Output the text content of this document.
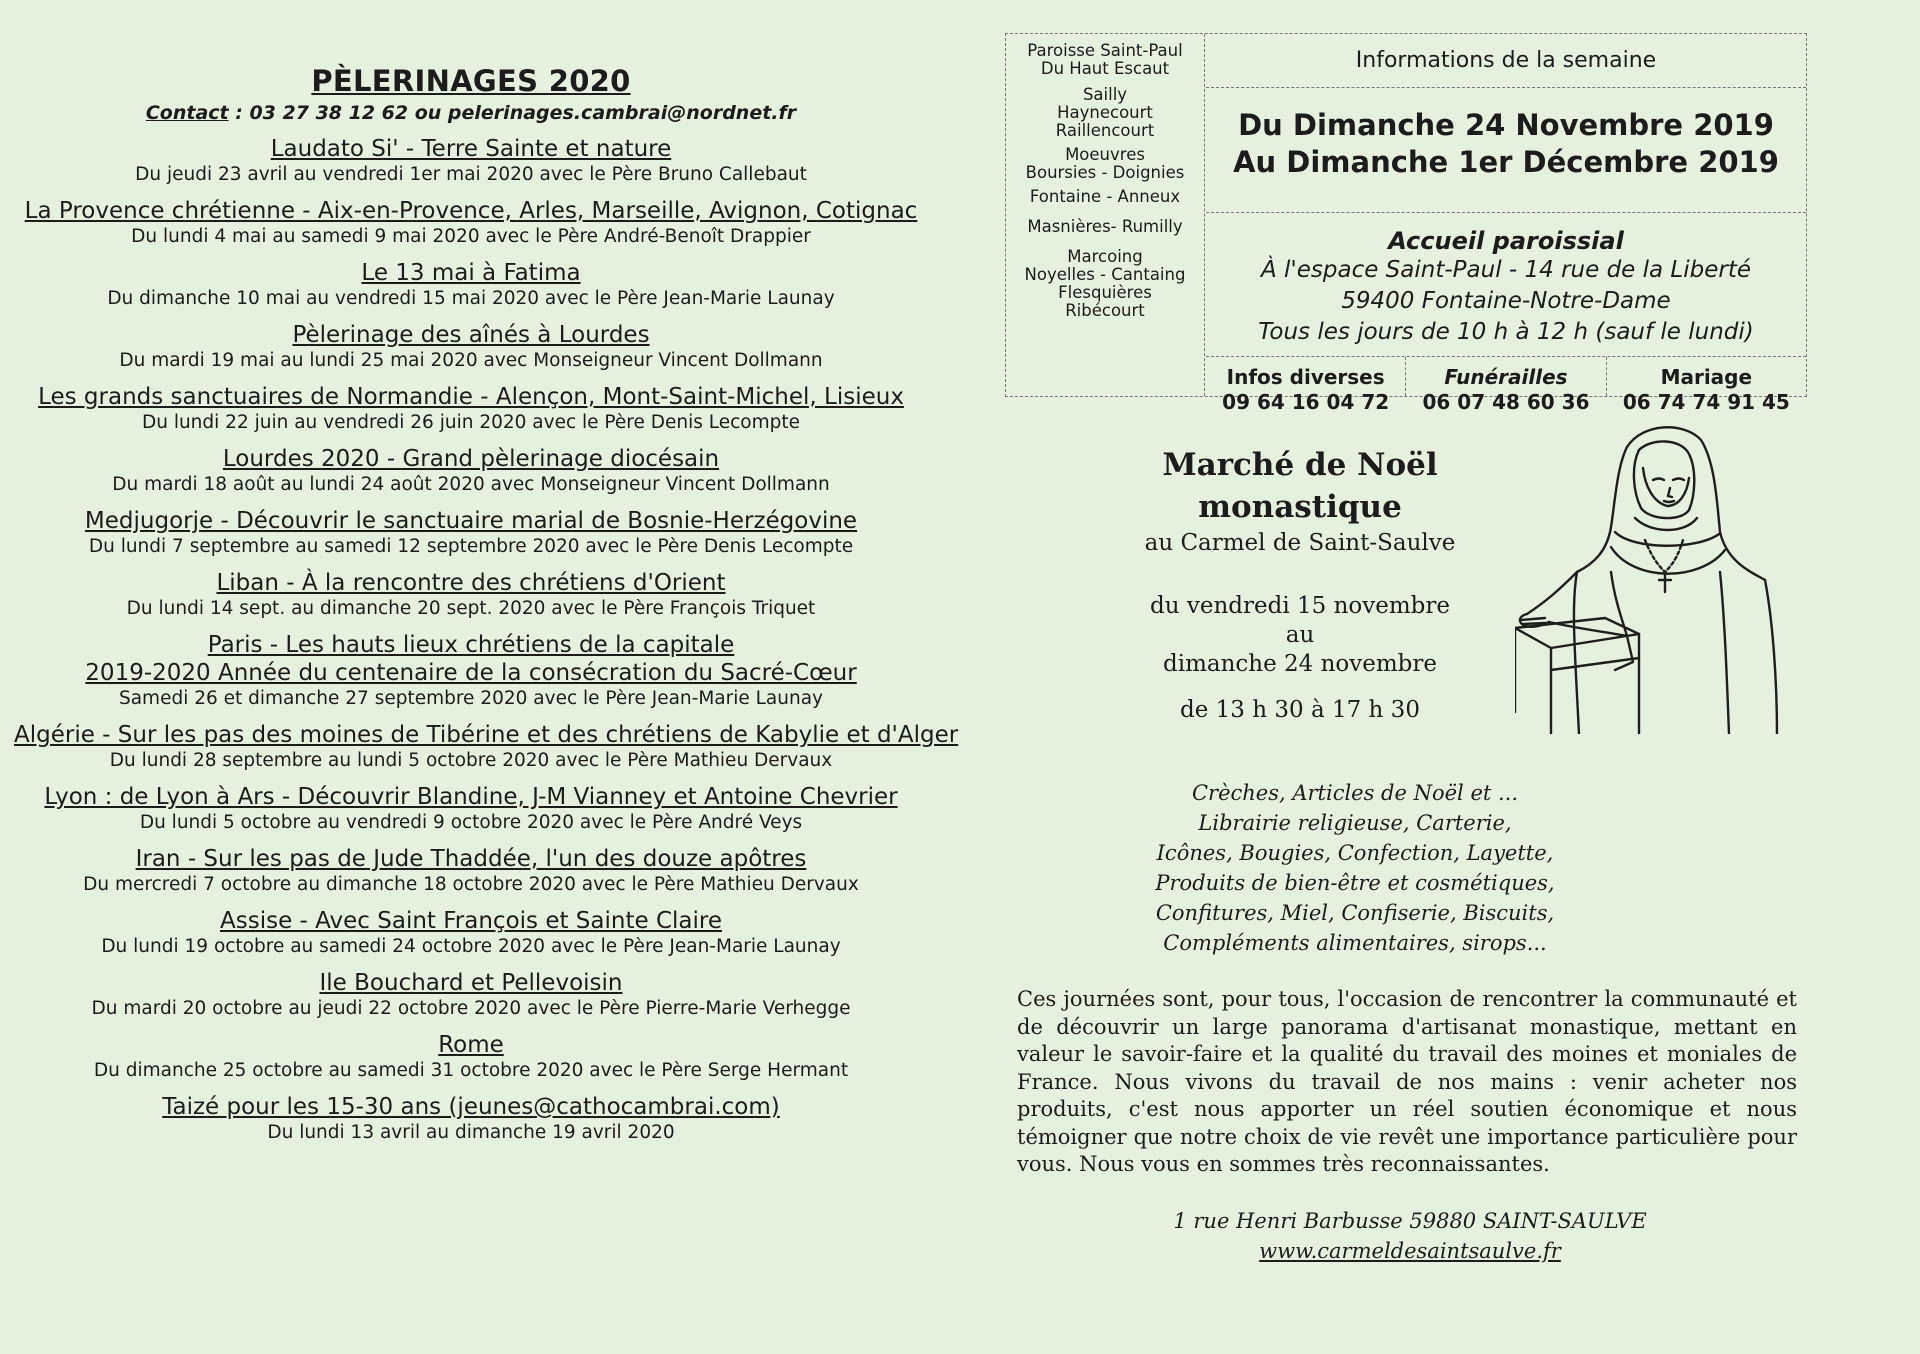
PÈLERINAGES 2020
Contact : 03 27 38 12 62 ou pelerinages.cambrai@nordnet.fr
Laudato Si' - Terre Sainte et nature
Du jeudi 23 avril au vendredi 1er mai 2020 avec le Père Bruno Callebaut
La Provence chrétienne - Aix-en-Provence, Arles, Marseille, Avignon, Cotignac
Du lundi 4 mai au samedi 9 mai 2020 avec le Père André-Benoît Drappier
Le 13 mai à Fatima
Du dimanche 10 mai au vendredi 15 mai 2020 avec le Père Jean-Marie Launay
Pèlerinage des aînés à Lourdes
Du mardi 19 mai au lundi 25 mai 2020 avec Monseigneur Vincent Dollmann
Les grands sanctuaires de Normandie - Alençon, Mont-Saint-Michel, Lisieux
Du lundi 22 juin au vendredi 26 juin 2020 avec le Père Denis Lecompte
Lourdes 2020 - Grand pèlerinage diocésain
Du mardi 18 août au lundi 24 août 2020 avec Monseigneur Vincent Dollmann
Medjugorje - Découvrir le sanctuaire marial de Bosnie-Herzégovine
Du lundi 7 septembre au samedi 12 septembre 2020 avec le Père Denis Lecompte
Liban - À la rencontre des chrétiens d'Orient
Du lundi 14 sept. au dimanche 20 sept. 2020 avec le Père François Triquet
Paris - Les hauts lieux chrétiens de la capitale
2019-2020 Année du centenaire de la consécration du Sacré-Cœur
Samedi 26 et dimanche 27 septembre 2020 avec le Père Jean-Marie Launay
Algérie - Sur les pas des moines de Tibérine et des chrétiens de Kabylie et d'Alger
Du lundi 28 septembre au lundi 5 octobre 2020 avec le Père Mathieu Dervaux
Lyon : de Lyon à Ars - Découvrir Blandine, J-M Vianney et Antoine Chevrier
Du lundi 5 octobre au vendredi 9 octobre 2020 avec le Père André Veys
Iran - Sur les pas de Jude Thaddée, l'un des douze apôtres
Du mercredi 7 octobre au dimanche 18 octobre 2020 avec le Père Mathieu Dervaux
Assise - Avec Saint François et Sainte Claire
Du lundi 19 octobre au samedi 24 octobre 2020 avec le Père Jean-Marie Launay
Ile Bouchard et Pellevoisin
Du mardi 20 octobre au jeudi 22 octobre 2020 avec le Père Pierre-Marie Verhegge
Rome
Du dimanche 25 octobre au samedi 31 octobre 2020 avec le Père Serge Hermant
Taizé pour les 15-30 ans (jeunes@cathocambrai.com)
Du lundi 13 avril au dimanche 19 avril 2020
Paroisse Saint-Paul
Du Haut Escaut
Sailly
Haynecourt
Raillencourt
Moeuvres
Boursies - Doignies
Fontaine - Anneux
Masnières- Rumilly
Marcoing
Noyelles - Cantaing
Flesquières
Ribécourt
Informations de la semaine
Du Dimanche 24 Novembre 2019
Au Dimanche 1er Décembre 2019
Accueil paroissial
À l'espace Saint-Paul - 14 rue de la Liberté
59400 Fontaine-Notre-Dame
Tous les jours de 10 h à 12 h (sauf le lundi)
Infos diverses
09 64 16 04 72
Funérailles
06 07 48 60 36
Mariage
06 74 74 91 45
Marché de Noël
monastique
au Carmel de Saint-Saulve
du vendredi 15 novembre
au
dimanche 24 novembre
de 13 h 30 à 17 h 30
Crèches, Articles de Noël et ...
Librairie religieuse, Carterie,
Icônes, Bougies, Confection, Layette,
Produits de bien-être et cosmétiques,
Confitures, Miel, Confiserie, Biscuits,
Compléments alimentaires, sirops...
Ces journées sont, pour tous, l'occasion de rencontrer la communauté et de découvrir un large panorama d'artisanat monastique, mettant en valeur le savoir-faire et la qualité du travail des moines et moniales de France. Nous vivons du travail de nos mains : venir acheter nos produits, c'est nous apporter un réel soutien économique et nous témoigner que notre choix de vie revêt une importance particulière pour vous. Nous vous en sommes très reconnaissantes.
1 rue Henri Barbusse 59880 SAINT-SAULVE
www.carmeldesaintsaulve.fr
